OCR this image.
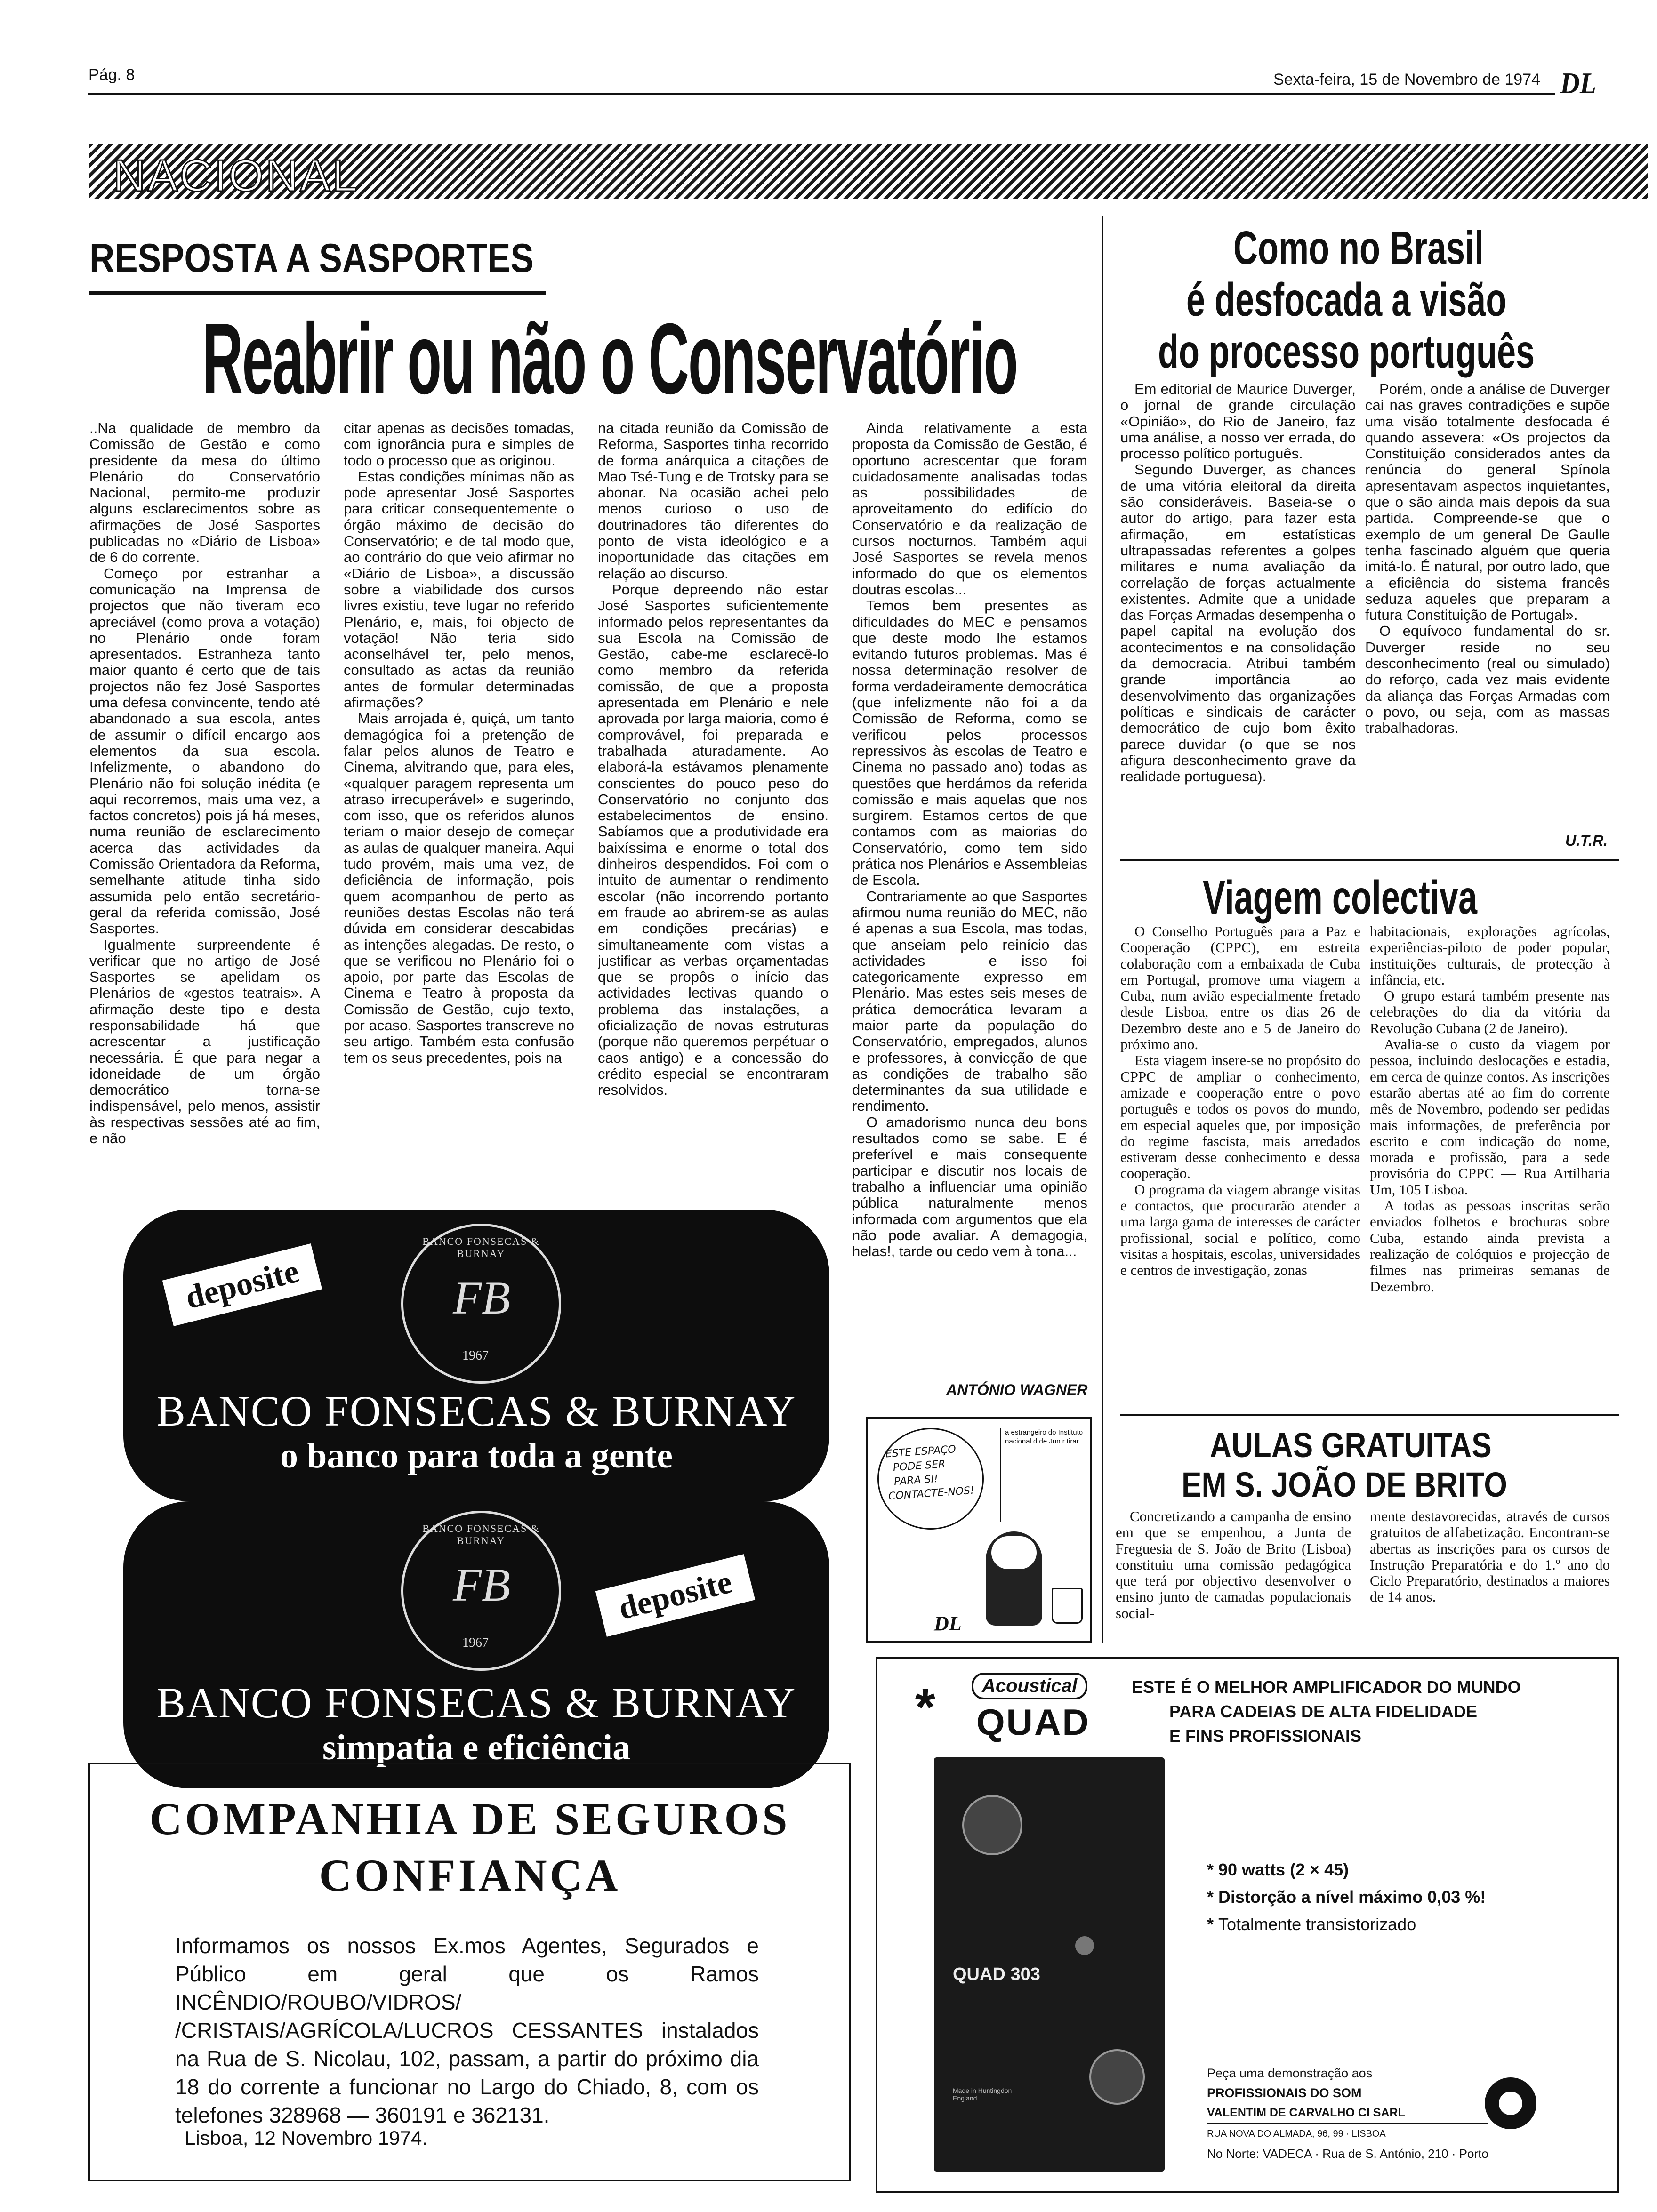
Pág. 8	Sexta-feira, 15 de Novembro de 1974 DL
NACIONAL
RESPOSTA A SASPORTES
Reabrir ou não o Conservatório

..Na qualidade de membro da Comissão de Gestão e como presidente da mesa do último Plenário do Conservatório Nacional, permito-me produzir alguns esclarecimentos sobre as afirmações de José Sasportes publicadas no «Diário de Lisboa» de 6 do corrente.

Começo por estranhar a comunicação na Imprensa de projectos que não tiveram eco apreciável (como prova a votação) no Plenário onde foram apresentados. Estranheza tanto maior quanto é certo que de tais projectos não fez José Sasportes uma defesa convincente, tendo até abandonado a sua escola, antes de assumir o difícil encargo aos elementos da sua escola. Infelizmente, o abandono do Plenário não foi solução inédita (e aqui recorremos, mais uma vez, a factos concretos) pois já há meses, numa reunião de esclarecimento acerca das actividades da Comissão Orientadora da Reforma, semelhante atitude tinha sido assumida pelo então secretário-geral da referida comissão, José Sasportes.

Igualmente surpreendente é verificar que no artigo de José Sasportes se apelidam os Plenários de «gestos teatrais». A afirmação deste tipo e desta responsabilidade há que acrescentar a justificação necessária. É que para negar a idoneidade de um órgão democrático torna-se indispensável, pelo menos, assistir às respectivas sessões até ao fim, e não

citar apenas as decisões tomadas, com ignorância pura e simples de todo o processo que as originou.

Estas condições mínimas não as pode apresentar José Sasportes para criticar consequentemente o órgão máximo de decisão do Conservatório; e de tal modo que, ao contrário do que veio afirmar no «Diário de Lisboa», a discussão sobre a viabilidade dos cursos livres existiu, teve lugar no referido Plenário, e, mais, foi objecto de votação! Não teria sido aconselhável ter, pelo menos, consultado as actas da reunião antes de formular determinadas afirmações?

Mais arrojada é, quiçá, um tanto demagógica foi a pretenção de falar pelos alunos de Teatro e Cinema, alvitrando que, para eles, «qualquer paragem representa um atraso irrecuperável» e sugerindo, com isso, que os referidos alunos teriam o maior desejo de começar as aulas de qualquer maneira. Aqui tudo provém, mais uma vez, de deficiência de informação, pois quem acompanhou de perto as reuniões destas Escolas não terá dúvida em considerar descabidas as intenções alegadas. De resto, o que se verificou no Plenário foi o apoio, por parte das Escolas de Cinema e Teatro à proposta da Comissão de Gestão, cujo texto, por acaso, Sasportes transcreve no seu artigo. Também esta confusão tem os seus precedentes, pois na

na citada reunião da Comissão de Reforma, Sasportes tinha recorrido de forma anárquica a citações de Mao Tsé-Tung e de Trotsky para se abonar. Na ocasião achei pelo menos curioso o uso de doutrinadores tão diferentes do ponto de vista ideológico e a inoportunidade das citações em relação ao discurso.

Porque depreendo não estar José Sasportes suficientemente informado pelos representantes da sua Escola na Comissão de Gestão, cabe-me esclarecê-lo como membro da referida comissão, de que a proposta apresentada em Plenário e nele aprovada por larga maioria, como é comprovável, foi preparada e trabalhada aturadamente. Ao elaborá-la estávamos plenamente conscientes do pouco peso do Conservatório no conjunto dos estabelecimentos de ensino. Sabíamos que a produtividade era baixíssima e enorme o total dos dinheiros despendidos. Foi com o intuito de aumentar o rendimento escolar (não incorrendo portanto em fraude ao abrirem-se as aulas em condições precárias) e simultaneamente com vistas a justificar as verbas orçamentadas que se propôs o início das actividades lectivas quando o problema das instalações, a oficialização de novas estruturas (porque não queremos perpétuar o caos antigo) e a concessão do crédito especial se encontraram resolvidos.

Ainda relativamente a esta proposta da Comissão de Gestão, é oportuno acrescentar que foram cuidadosamente analisadas todas as possibilidades de aproveitamento do edifício do Conservatório e da realização de cursos nocturnos. Também aqui José Sasportes se revela menos informado do que os elementos doutras escolas...

Temos bem presentes as dificuldades do MEC e pensamos que deste modo lhe estamos evitando futuros problemas. Mas é nossa determinação resolver de forma verdadeiramente democrática (que infelizmente não foi a da Comissão de Reforma, como se verificou pelos processos repressivos às escolas de Teatro e Cinema no passado ano) todas as questões que herdámos da referida comissão e mais aquelas que nos surgirem. Estamos certos de que contamos com as maiorias do Conservatório, como tem sido prática nos Plenários e Assembleias de Escola.

Contrariamente ao que Sasportes afirmou numa reunião do MEC, não é apenas a sua Escola, mas todas, que anseiam pelo reinício das actividades — e isso foi categoricamente expresso em Plenário. Mas estes seis meses de prática democrática levaram a maior parte da população do Conservatório, empregados, alunos e professores, à convicção de que as condições de trabalho são determinantes da sua utilidade e rendimento.

O amadorismo nunca deu bons resultados como se sabe. E é preferível e mais consequente participar e discutir nos locais de trabalho a influenciar uma opinião pública naturalmente menos informada com argumentos que ela não pode avaliar. A demagogia, helas!, tarde ou cedo vem à tona...

ANTÓNIO WAGNER
Como no Brasil
é desfocada a visão
do processo português

Em editorial de Maurice Duverger, o jornal de grande circulação «Opinião», do Rio de Janeiro, faz uma análise, a nosso ver errada, do processo político português.

Segundo Duverger, as chances de uma vitória eleitoral da direita são consideráveis. Baseia-se o autor do artigo, para fazer esta afirmação, em estatísticas ultrapassadas referentes a golpes militares e numa avaliação da correlação de forças actualmente existentes. Admite que a unidade das Forças Armadas desempenha o papel capital na evolução dos acontecimentos e na consolidação da democracia. Atribui também grande importância ao desenvolvimento das organizações políticas e sindicais de carácter democrático de cujo bom êxito parece duvidar (o que se nos afigura desconhecimento grave da realidade portuguesa).

Porém, onde a análise de Duverger cai nas graves contradições e supõe uma visão totalmente desfocada é quando assevera: «Os projectos da Constituição considerados antes da renúncia do general Spínola apresentavam aspectos inquietantes, que o são ainda mais depois da sua partida. Compreende-se que o exemplo de um general De Gaulle tenha fascinado alguém que queria imitá-lo. É natural, por outro lado, que a eficiência do sistema francês seduza aqueles que preparam a futura Constituição de Portugal».

O equívoco fundamental do sr. Duverger reside no seu desconhecimento (real ou simulado) do reforço, cada vez mais evidente da aliança das Forças Armadas com o povo, ou seja, com as massas trabalhadoras.

U.T.R.
Viagem colectiva

O Conselho Português para a Paz e Cooperação (CPPC), em estreita colaboração com a embaixada de Cuba em Portugal, promove uma viagem a Cuba, num avião especialmente fretado desde Lisboa, entre os dias 26 de Dezembro deste ano e 5 de Janeiro do próximo ano.

Esta viagem insere-se no propósito do CPPC de ampliar o conhecimento, amizade e cooperação entre o povo português e todos os povos do mundo, em especial aqueles que, por imposição do regime fascista, mais arredados estiveram desse conhecimento e dessa cooperação.

O programa da viagem abrange visitas e contactos, que procurarão atender a uma larga gama de interesses de carácter profissional, social e político, como visitas a hospitais, escolas, universidades e centros de investigação, zonas

habitacionais, explorações agrícolas, experiências-piloto de poder popular, instituições culturais, de protecção à infância, etc.

O grupo estará também presente nas celebrações do dia da vitória da Revolução Cubana (2 de Janeiro).

Avalia-se o custo da viagem por pessoa, incluindo deslocações e estadia, em cerca de quinze contos. As inscrições estarão abertas até ao fim do corrente mês de Novembro, podendo ser pedidas mais informações, de preferência por escrito e com indicação do nome, morada e profissão, para a sede provisória do CPPC — Rua Artilharia Um, 105 Lisboa.

A todas as pessoas inscritas serão enviados folhetos e brochuras sobre Cuba, estando ainda prevista a realização de colóquios e projecção de filmes nas primeiras semanas de Dezembro.

ESTE ESPAÇO
PODE SER
PARA SI!
CONTACTE-NOS!
a estrangeiro do Instituto nacional d de Jun r tirar
DL
AULAS GRATUITAS
EM S. JOÃO DE BRITO

Concretizando a campanha de ensino em que se empenhou, a Junta de Freguesia de S. João de Brito (Lisboa) constituiu uma comissão pedagógica que terá por objectivo desenvolver o ensino junto de camadas populacionais social-

mente destavorecidas, através de cursos gratuitos de alfabetização. Encontram-se abertas as inscrições para os cursos de Instrução Preparatória e do 1.º ano do Ciclo Preparatório, destinados a maiores de 14 anos.

BANCO FONSECAS & BURNAY
FB
1967
deposite
BANCO FONSECAS & BURNAY
o banco para toda a gente
BANCO FONSECAS & BURNAY
FB
1967
deposite
BANCO FONSECAS & BURNAY
simpatia e eficiência
COMPANHIA DE SEGUROS
CONFIANÇA
Informamos os nossos Ex.mos Agentes, Segurados e Público em geral que os Ramos INCÊNDIO/ROUBO/VIDROS/ /CRISTAIS/AGRÍCOLA/LUCROS CESSANTES instalados na Rua de S. Nicolau, 102, passam, a partir do próximo dia 18 do corrente a funcionar no Largo do Chiado, 8, com os telefones 328968 — 360191 e 362131.
Lisboa, 12 Novembro 1974.
*	Acoustical
QUAD
ESTE É O MELHOR AMPLIFICADOR DO MUNDO
PARA CADEIAS DE ALTA FIDELIDADE
E FINS PROFISSIONAIS
QUAD 303
Made in Huntingdon England
* 90 watts (2 × 45)
* Distorção a nível máximo 0,03 %!
* Totalmente transistorizado
Peça uma demonstração aos
PROFISSIONAIS DO SOM
VALENTIM DE CARVALHO CI SARL
RUA NOVA DO ALMADA, 96, 99 · LISBOA
No Norte: VADECA · Rua de S. António, 210 · Porto
